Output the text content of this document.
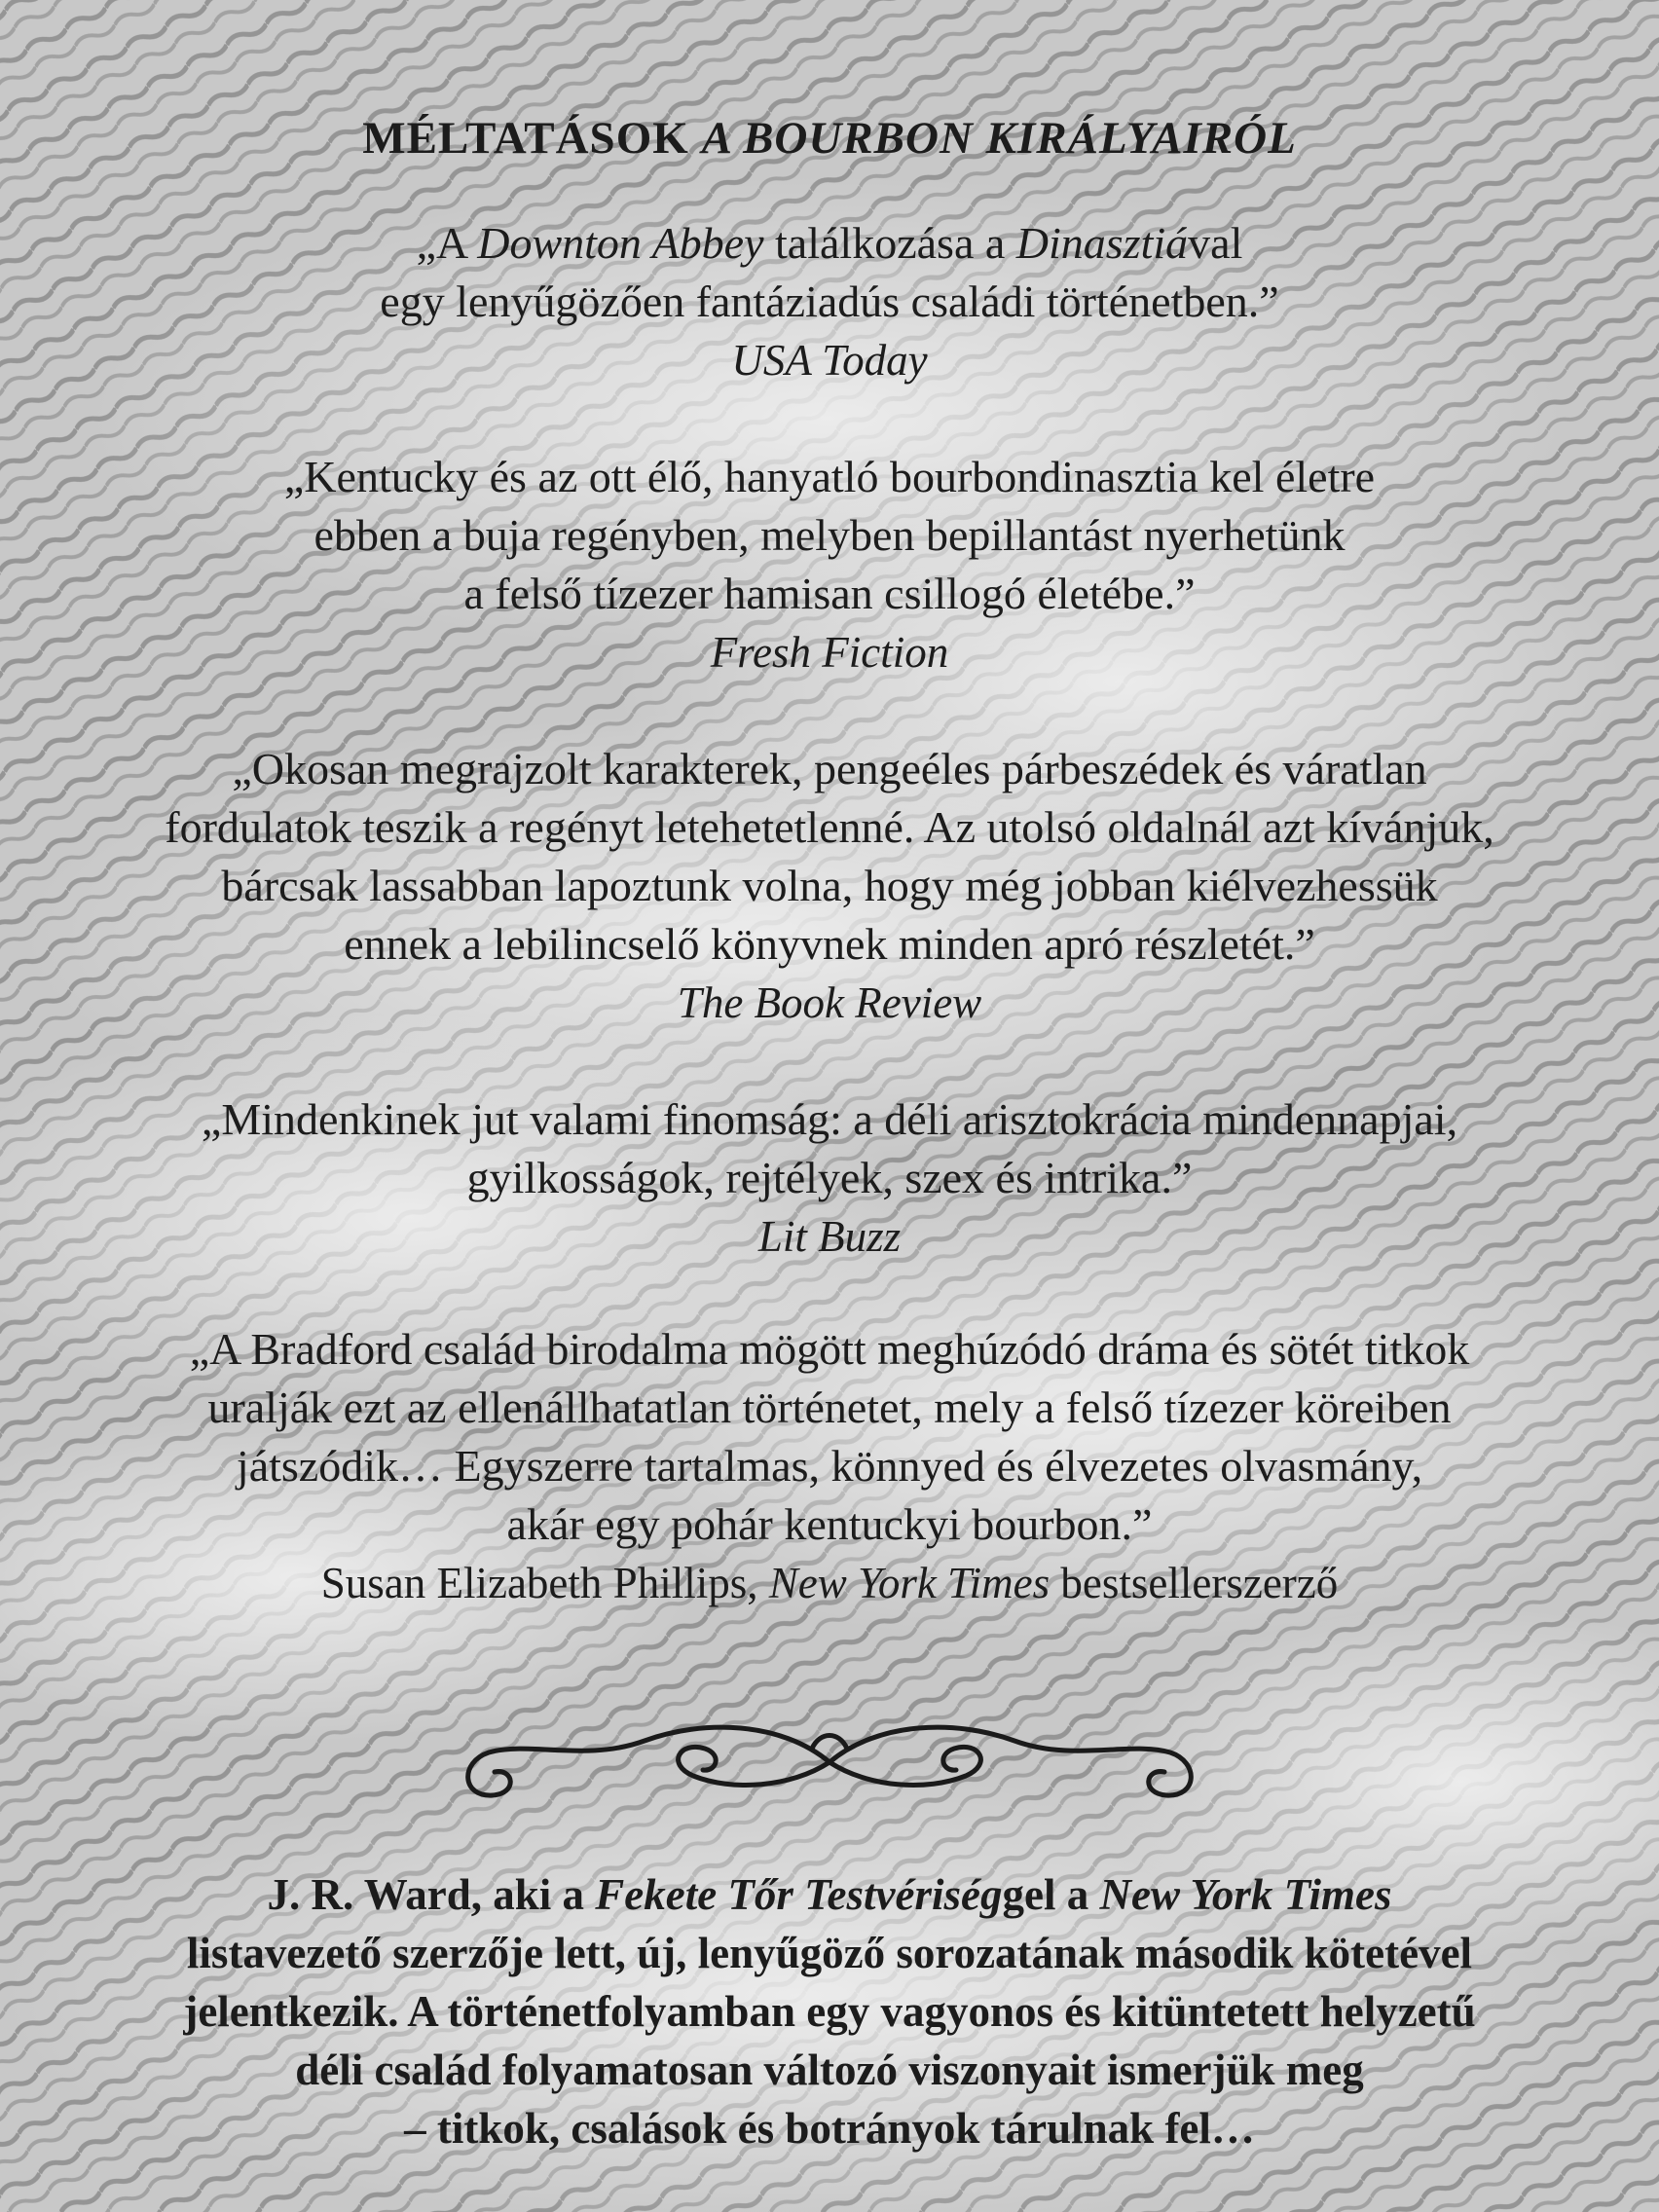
MÉLTATÁSOK A BOURBON KIRÁLYAIRÓL
„A Downton Abbey találkozása a Dinasztiával
egy lenyűgözően fantáziadús családi történetben.”
USA Today
„Kentucky és az ott élő, hanyatló bourbondinasztia kel életre
ebben a buja regényben, melyben bepillantást nyerhetünk
a felső tízezer hamisan csillogó életébe.”
Fresh Fiction
„Okosan megrajzolt karakterek, pengeéles párbeszédek és váratlan
fordulatok teszik a regényt letehetetlenné. Az utolsó oldalnál azt kívánjuk,
bárcsak lassabban lapoztunk volna, hogy még jobban kiélvezhessük
ennek a lebilincselő könyvnek minden apró részletét.”
The Book Review
„Mindenkinek jut valami finomság: a déli arisztokrácia mindennapjai,
gyilkosságok, rejtélyek, szex és intrika.”
Lit Buzz
„A Bradford család birodalma mögött meghúzódó dráma és sötét titkok
uralják ezt az ellenállhatatlan történetet, mely a felső tízezer köreiben
játszódik… Egyszerre tartalmas, könnyed és élvezetes olvasmány,
akár egy pohár kentuckyi bourbon.”
Susan Elizabeth Phillips, New York Times bestsellerszerző
J. R. Ward, aki a Fekete Tőr Testvériséggel a New York Times
listavezető szerzője lett, új, lenyűgöző sorozatának második kötetével
jelentkezik. A történetfolyamban egy vagyonos és kitüntetett helyzetű
déli család folyamatosan változó viszonyait ismerjük meg
– titkok, csalások és botrányok tárulnak fel…
